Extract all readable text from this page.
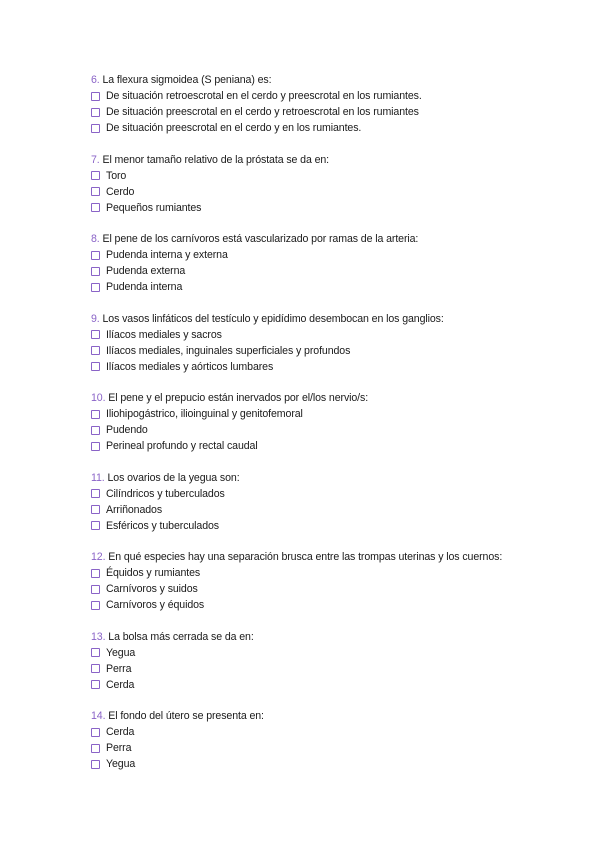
6. La flexura sigmoidea (S peniana) es:
De situación retroescrotal en el cerdo y preescrotal en los rumiantes.
De situación preescrotal en el cerdo y retroescrotal en los rumiantes
De situación preescrotal en el cerdo y en los rumiantes.
7. El menor tamaño relativo de la próstata se da en:
Toro
Cerdo
Pequeños rumiantes
8. El pene de los carnívoros está vascularizado por ramas de la arteria:
Pudenda interna y externa
Pudenda externa
Pudenda interna
9. Los vasos linfáticos del testículo y epidídimo desembocan en los ganglios:
Ilíacos mediales y sacros
Ilíacos mediales, inguinales superficiales y profundos
Ilíacos mediales y aórticos lumbares
10. El pene y el prepucio están inervados por el/los nervio/s:
Iliohipogástrico, ilioinguinal y genitofemoral
Pudendo
Perineal profundo y rectal caudal
11. Los ovarios de la yegua son:
Cilíndricos y tuberculados
Arriñonados
Esféricos y tuberculados
12. En qué especies hay una separación brusca entre las trompas uterinas y los cuernos:
Équidos y rumiantes
Carnívoros y suidos
Carnívoros y équidos
13. La bolsa más cerrada se da en:
Yegua
Perra
Cerda
14. El fondo del útero se presenta en:
Cerda
Perra
Yegua
